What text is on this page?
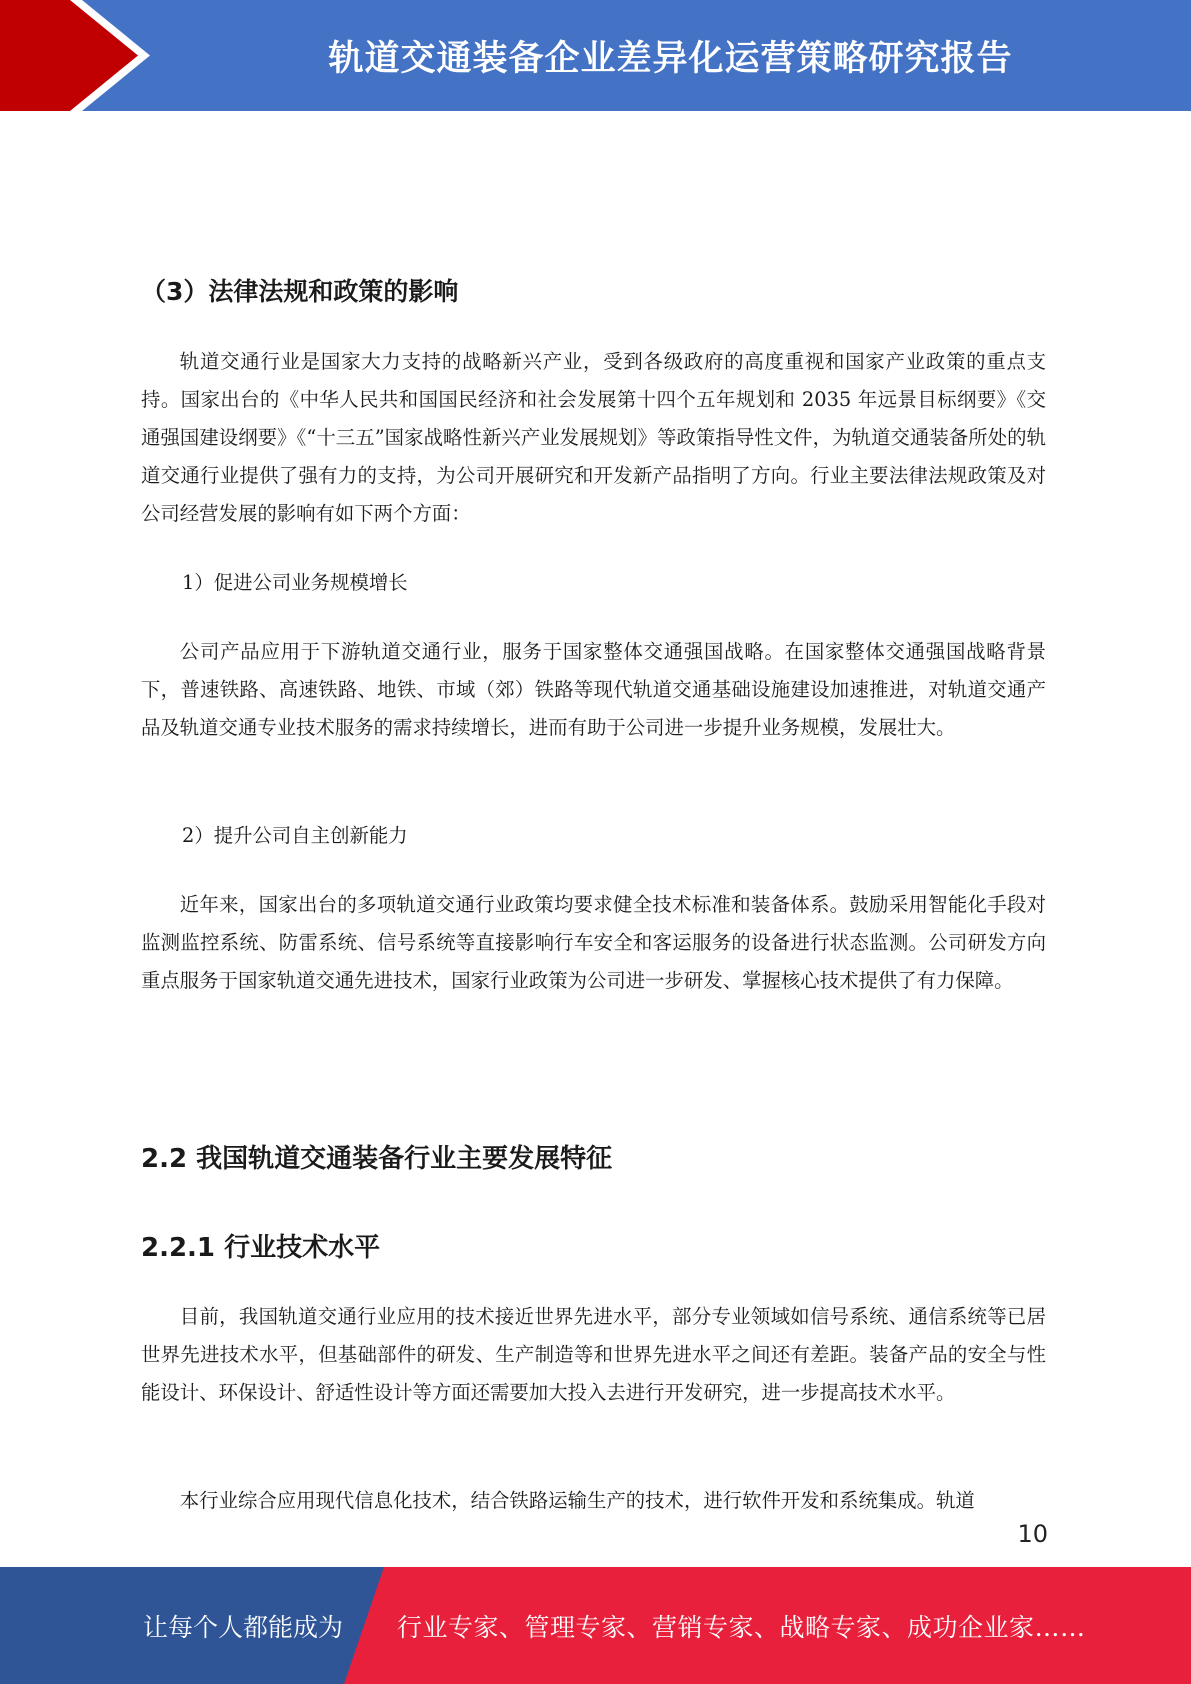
轨道交通装备企业差异化运营策略研究报告
（3）法律法规和政策的影响

轨道交通行业是国家大力支持的战略新兴产业，受到各级政府的高度重视和国家产业政策的重点支持。国家出台的《中华人民共和国国民经济和社会发展第十四个五年规划和 2035 年远景目标纲要》《交通强国建设纲要》《“十三五”国家战略性新兴产业发展规划》等政策指导性文件，为轨道交通装备所处的轨道交通行业提供了强有力的支持，为公司开展研究和开发新产品指明了方向。行业主要法律法规政策及对公司经营发展的影响有如下两个方面：

1）促进公司业务规模增长

公司产品应用于下游轨道交通行业，服务于国家整体交通强国战略。在国家整体交通强国战略背景下，普速铁路、高速铁路、地铁、市域（郊）铁路等现代轨道交通基础设施建设加速推进，对轨道交通产品及轨道交通专业技术服务的需求持续增长，进而有助于公司进一步提升业务规模，发展壮大。

2）提升公司自主创新能力

近年来，国家出台的多项轨道交通行业政策均要求健全技术标准和装备体系。鼓励采用智能化手段对监测监控系统、防雷系统、信号系统等直接影响行车安全和客运服务的设备进行状态监测。公司研发方向重点服务于国家轨道交通先进技术，国家行业政策为公司进一步研发、掌握核心技术提供了有力保障。

2.2 我国轨道交通装备行业主要发展特征
2.2.1 行业技术水平

目前，我国轨道交通行业应用的技术接近世界先进水平，部分专业领域如信号系统、通信系统等已居世界先进技术水平，但基础部件的研发、生产制造等和世界先进水平之间还有差距。装备产品的安全与性能设计、环保设计、舒适性设计等方面还需要加大投入去进行开发研究，进一步提高技术水平。

本行业综合应用现代信息化技术，结合铁路运输生产的技术，进行软件开发和系统集成。轨道

10
让每个人都能成为 行业专家、管理专家、营销专家、战略专家、成功企业家……
